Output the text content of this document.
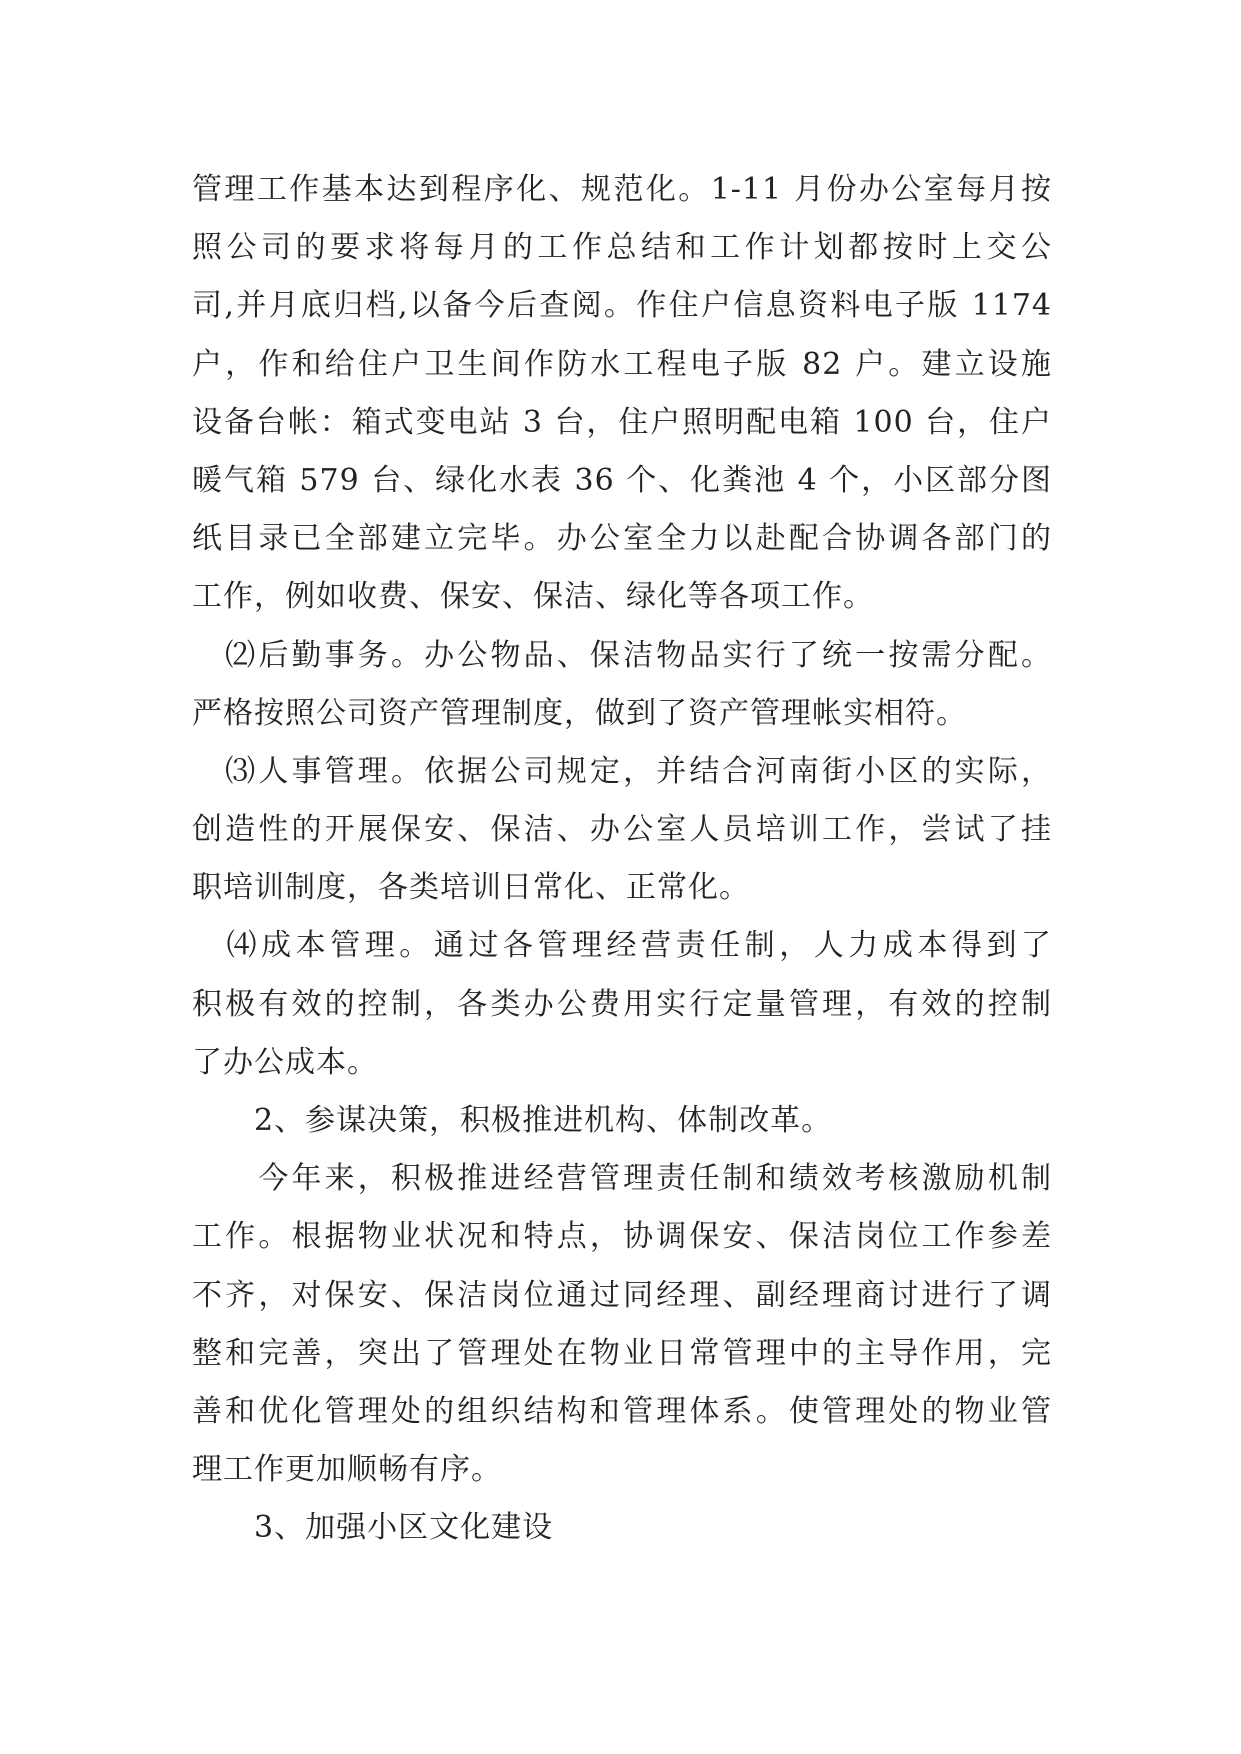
管理工作基本达到程序化、规范化。1-11 月份办公室每月按
照公司的要求将每月的工作总结和工作计划都按时上交公
司,并月底归档,以备今后查阅。作住户信息资料电子版 1174
户，作和给住户卫生间作防水工程电子版 82 户。建立设施
设备台帐：箱式变电站 3 台，住户照明配电箱 100 台，住户
暖气箱 579 台、绿化水表 36 个、化粪池 4 个，小区部分图
纸目录已全部建立完毕。办公室全力以赴配合协调各部门的
工作，例如收费、保安、保洁、绿化等各项工作。
　⑵后勤事务。办公物品、保洁物品实行了统一按需分配。
严格按照公司资产管理制度，做到了资产管理帐实相符。
　⑶人事管理。依据公司规定，并结合河南街小区的实际，
创造性的开展保安、保洁、办公室人员培训工作，尝试了挂
职培训制度，各类培训日常化、正常化。
　⑷成本管理。通过各管理经营责任制，人力成本得到了
积极有效的控制，各类办公费用实行定量管理，有效的控制
了办公成本。
　　2、参谋决策，积极推进机构、体制改革。
　　今年来，积极推进经营管理责任制和绩效考核激励机制
工作。根据物业状况和特点，协调保安、保洁岗位工作参差
不齐，对保安、保洁岗位通过同经理、副经理商讨进行了调
整和完善，突出了管理处在物业日常管理中的主导作用，完
善和优化管理处的组织结构和管理体系。使管理处的物业管
理工作更加顺畅有序。
　　3、加强小区文化建设
